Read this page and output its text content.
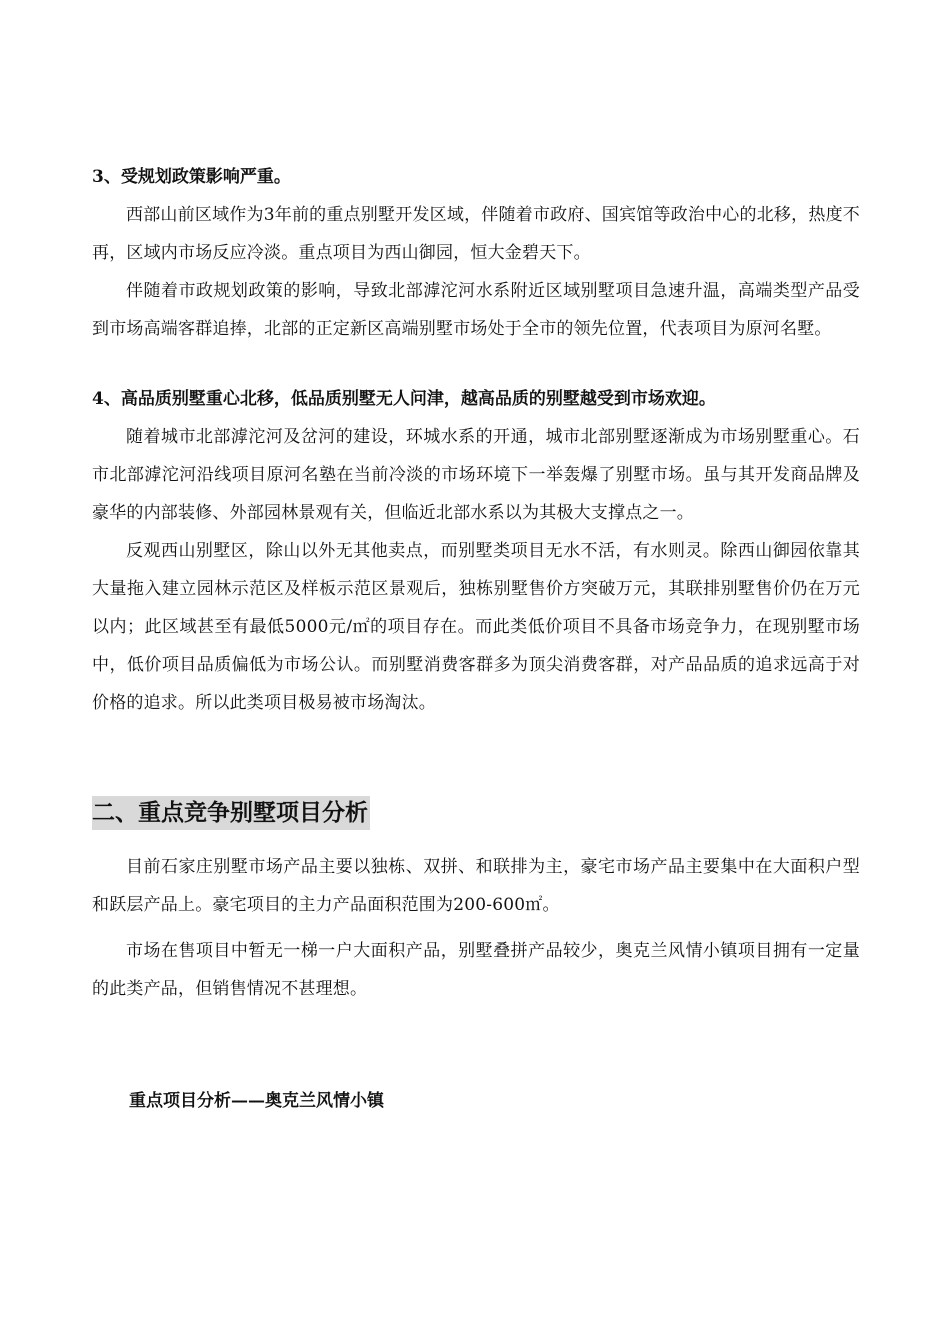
3、受规划政策影响严重。

西部山前区域作为3年前的重点别墅开发区域，伴随着市政府、国宾馆等政治中心的北移，热度不再，区域内市场反应冷淡。重点项目为西山御园，恒大金碧天下。

伴随着市政规划政策的影响，导致北部滹沱河水系附近区域别墅项目急速升温，高端类型产品受到市场高端客群追捧，北部的正定新区高端别墅市场处于全市的领先位置，代表项目为原河名墅。

4、高品质别墅重心北移，低品质别墅无人问津，越高品质的别墅越受到市场欢迎。

随着城市北部滹沱河及岔河的建设，环城水系的开通，城市北部别墅逐渐成为市场别墅重心。石市北部滹沱河沿线项目原河名塾在当前冷淡的市场环境下一举轰爆了别墅市场。虽与其开发商品牌及豪华的内部装修、外部园林景观有关，但临近北部水系以为其极大支撑点之一。

反观西山别墅区，除山以外无其他卖点，而别墅类项目无水不活，有水则灵。除西山御园依靠其大量拖入建立园林示范区及样板示范区景观后，独栋别墅售价方突破万元，其联排别墅售价仍在万元以内；此区域甚至有最低5000元/㎡的项目存在。而此类低价项目不具备市场竞争力，在现别墅市场中，低价项目品质偏低为市场公认。而别墅消费客群多为顶尖消费客群，对产品品质的追求远高于对价格的追求。所以此类项目极易被市场淘汰。

二、重点竞争别墅项目分析

目前石家庄别墅市场产品主要以独栋、双拼、和联排为主，豪宅市场产品主要集中在大面积户型和跃层产品上。豪宅项目的主力产品面积范围为200-600㎡。

市场在售项目中暂无一梯一户大面积产品，别墅叠拼产品较少，奥克兰风情小镇项目拥有一定量的此类产品，但销售情况不甚理想。

重点项目分析——奥克兰风情小镇
